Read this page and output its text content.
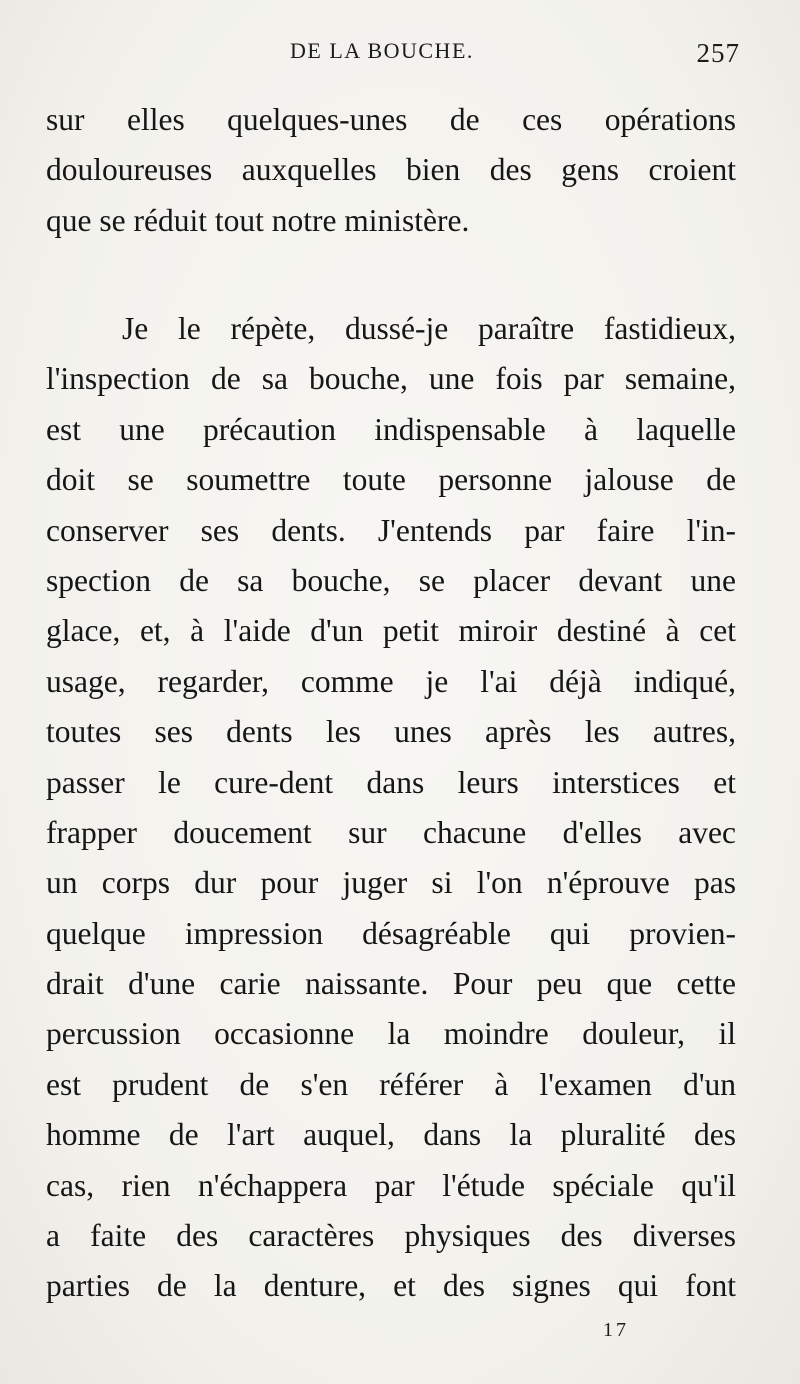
DE LA BOUCHE.	257
sur elles quelques-unes de ces opérations
douloureuses auxquelles bien des gens croient
que se réduit tout notre ministère.
Je le répète, dussé-je paraître fastidieux,
l'inspection de sa bouche, une fois par semaine,
est une précaution indispensable à laquelle
doit se soumettre toute personne jalouse de
conserver ses dents. J'entends par faire l'in-
spection de sa bouche, se placer devant une
glace, et, à l'aide d'un petit miroir destiné à cet
usage, regarder, comme je l'ai déjà indiqué,
toutes ses dents les unes après les autres,
passer le cure-dent dans leurs interstices et
frapper doucement sur chacune d'elles avec
un corps dur pour juger si l'on n'éprouve pas
quelque impression désagréable qui provien-
drait d'une carie naissante. Pour peu que cette
percussion occasionne la moindre douleur, il
est prudent de s'en référer à l'examen d'un
homme de l'art auquel, dans la pluralité des
cas, rien n'échappera par l'étude spéciale qu'il
a faite des caractères physiques des diverses
parties de la denture, et des signes qui font
17
